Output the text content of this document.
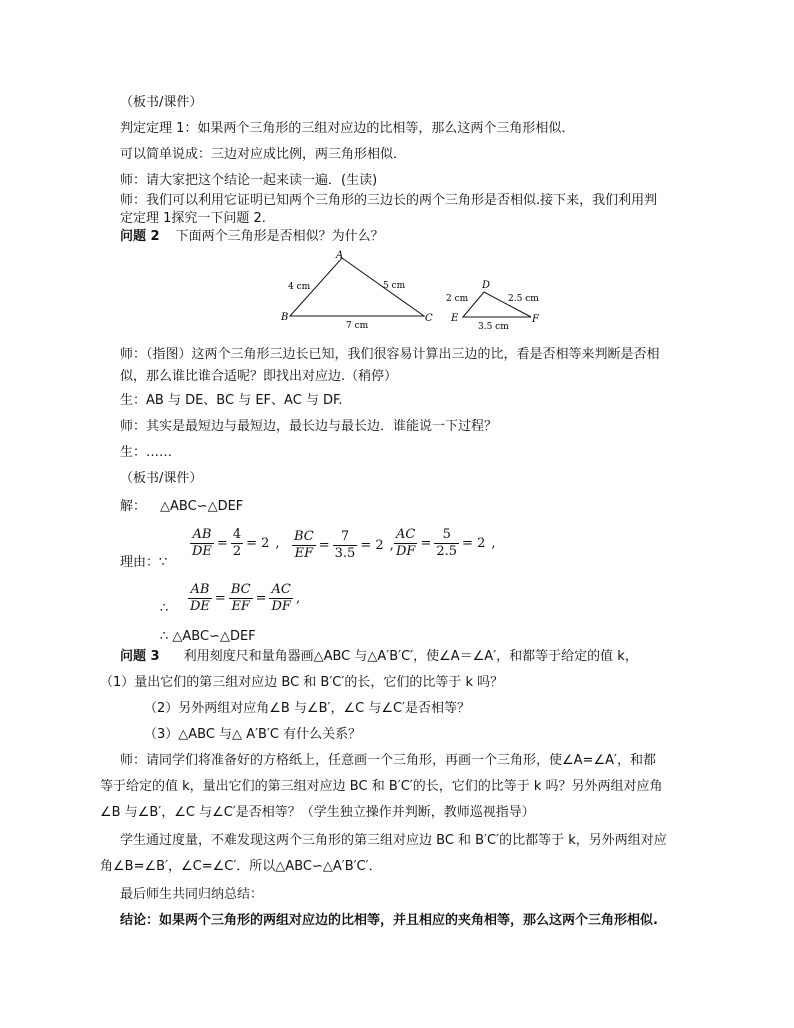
（板书/课件）
判定定理 1：如果两个三角形的三组对应边的比相等，那么这两个三角形相似．
可以简单说成：三边对应成比例，两三角形相似．
师：请大家把这个结论一起来读一遍．(生读)
师：我们可以利用它证明已知两个三角形的三边长的两个三角形是否相似.接下来，我们利用判
定定理 1探究一下问题 2.
问题 2 下面两个三角形是否相似？为什么？
A
B	C
4 cm	5 cm
7 cm
D
E	F
2 cm	2.5 cm
3.5 cm
师：（指图）这两个三角形三边长已知，我们很容易计算出三边的比，看是否相等来判断是否相
似，那么谁比谁合适呢？即找出对应边.（稍停）
生：AB 与 DE、BC 与 EF、AC 与 DF.
师：其实是最短边与最短边，最长边与最长边．谁能说一下过程？
生：……
（板书/课件）
解： △ABC∽△DEF
理由：∵
$\frac{AB}{DE} = \frac{4}{2} = 2$ , $\frac{BC}{EF} = \frac{7}{3.5} = 2$ , $\frac{AC}{DF} = \frac{5}{2.5} = 2$ ,
∴ $\frac{AB}{DE} = \frac{BC}{EF} = \frac{AC}{DF}$ ,
∴ △ABC∽△DEF
问题 3 利用刻度尺和量角器画△ABC 与△A′B′C′，使∠A＝∠A′，和都等于给定的值 k，
（1）量出它们的第三组对应边 BC 和 B′C′的长，它们的比等于 k 吗？
（2）另外两组对应角∠B 与∠B′，∠C 与∠C′是否相等？
（3）△ABC 与△ A′B′C 有什么关系？
师：请同学们将准备好的方格纸上，任意画一个三角形，再画一个三角形，使∠A=∠A′，和都
等于给定的值 k，量出它们的第三组对应边 BC 和 B′C′的长，它们的比等于 k 吗？另外两组对应角
∠B 与∠B′，∠C 与∠C′是否相等？（学生独立操作并判断，教师巡视指导）
学生通过度量，不难发现这两个三角形的第三组对应边 BC 和 B′C′的比都等于 k，另外两组对应
角∠B=∠B′，∠C=∠C′．所以△ABC∽△A′B′C′．
最后师生共同归纳总结：
结论：如果两个三角形的两组对应边的比相等，并且相应的夹角相等，那么这两个三角形相似.
